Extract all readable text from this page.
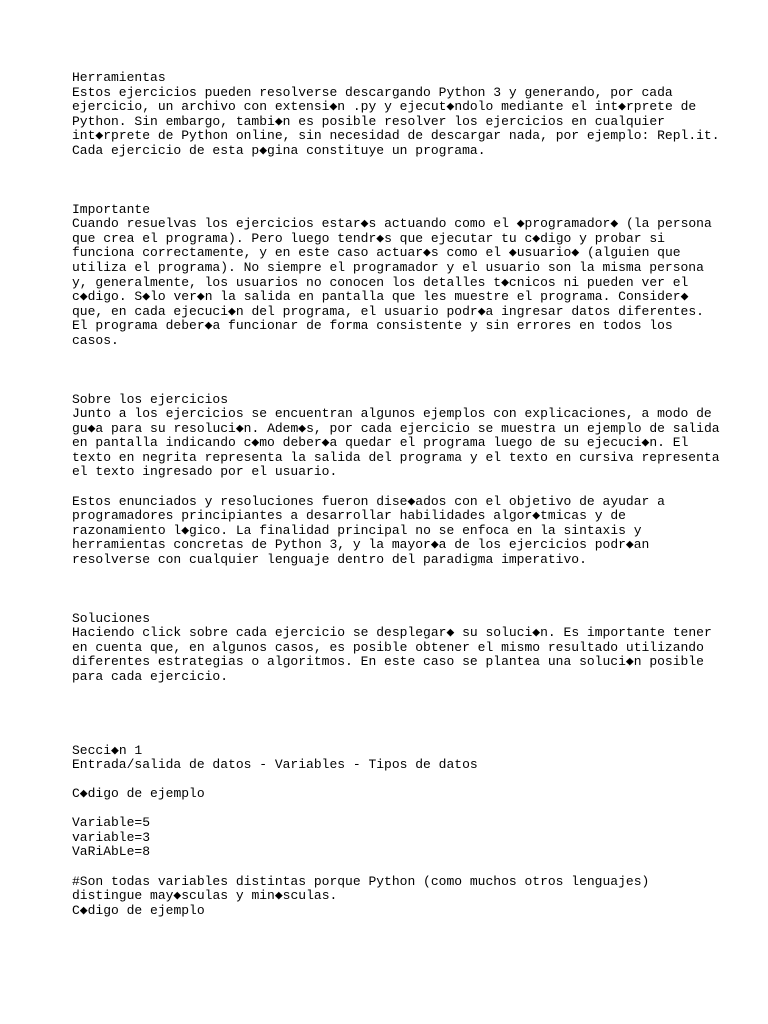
Herramientas
Estos ejercicios pueden resolverse descargando Python 3 y generando, por cada
ejercicio, un archivo con extensi◆n .py y ejecut◆ndolo mediante el int◆rprete de
Python. Sin embargo, tambi◆n es posible resolver los ejercicios en cualquier
int◆rprete de Python online, sin necesidad de descargar nada, por ejemplo: Repl.it.
Cada ejercicio de esta p◆gina constituye un programa.
Importante
Cuando resuelvas los ejercicios estar◆s actuando como el ◆programador◆ (la persona
que crea el programa). Pero luego tendr◆s que ejecutar tu c◆digo y probar si
funciona correctamente, y en este caso actuar◆s como el ◆usuario◆ (alguien que
utiliza el programa). No siempre el programador y el usuario son la misma persona
y, generalmente, los usuarios no conocen los detalles t◆cnicos ni pueden ver el
c◆digo. S◆lo ver◆n la salida en pantalla que les muestre el programa. Consider◆
que, en cada ejecuci◆n del programa, el usuario podr◆a ingresar datos diferentes.
El programa deber◆a funcionar de forma consistente y sin errores en todos los
casos.
Sobre los ejercicios
Junto a los ejercicios se encuentran algunos ejemplos con explicaciones, a modo de
gu◆a para su resoluci◆n. Adem◆s, por cada ejercicio se muestra un ejemplo de salida
en pantalla indicando c◆mo deber◆a quedar el programa luego de su ejecuci◆n. El
texto en negrita representa la salida del programa y el texto en cursiva representa
el texto ingresado por el usuario.
Estos enunciados y resoluciones fueron dise◆ados con el objetivo de ayudar a
programadores principiantes a desarrollar habilidades algor◆tmicas y de
razonamiento l◆gico. La finalidad principal no se enfoca en la sintaxis y
herramientas concretas de Python 3, y la mayor◆a de los ejercicios podr◆an
resolverse con cualquier lenguaje dentro del paradigma imperativo.
Soluciones
Haciendo click sobre cada ejercicio se desplegar◆ su soluci◆n. Es importante tener
en cuenta que, en algunos casos, es posible obtener el mismo resultado utilizando
diferentes estrategias o algoritmos. En este caso se plantea una soluci◆n posible
para cada ejercicio.
Secci◆n 1
Entrada/salida de datos - Variables - Tipos de datos
C◆digo de ejemplo
Variable=5
variable=3
VaRiAbLe=8
#Son todas variables distintas porque Python (como muchos otros lenguajes)
distingue may◆sculas y min◆sculas.
C◆digo de ejemplo
